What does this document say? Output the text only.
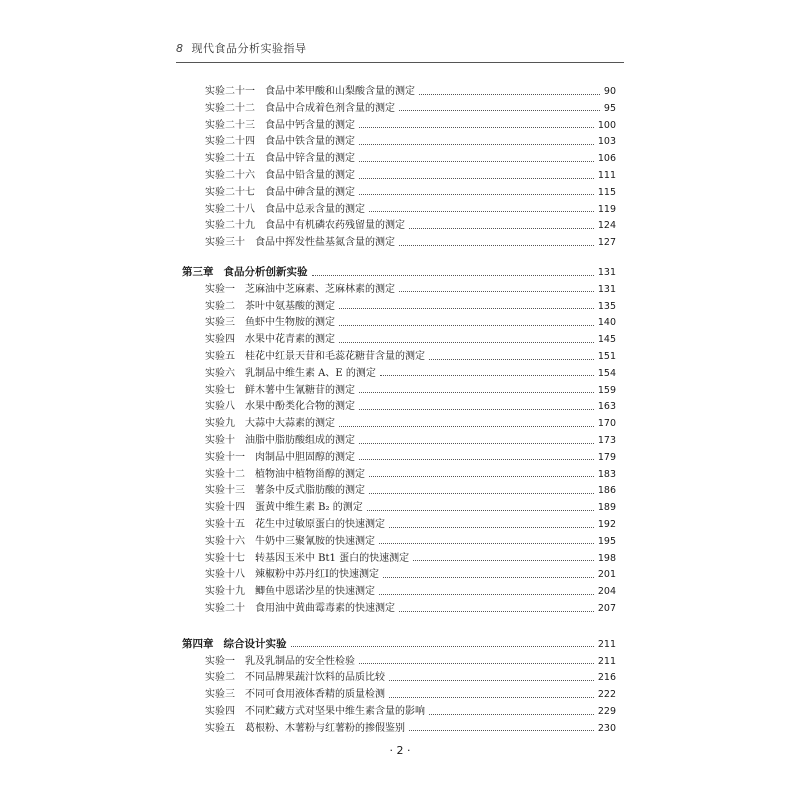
8 现代食品分析实验指导
实验二十一 食品中苯甲酸和山梨酸含量的测定	90
实验二十二 食品中合成着色剂含量的测定	95
实验二十三 食品中钙含量的测定	100
实验二十四 食品中铁含量的测定	103
实验二十五 食品中锌含量的测定	106
实验二十六 食品中铅含量的测定	111
实验二十七 食品中砷含量的测定	115
实验二十八 食品中总汞含量的测定	119
实验二十九 食品中有机磷农药残留量的测定	124
实验三十 食品中挥发性盐基氮含量的测定	127
第三章 食品分析创新实验	131
实验一 芝麻油中芝麻素、芝麻林素的测定	131
实验二 茶叶中氨基酸的测定	135
实验三 鱼虾中生物胺的测定	140
实验四 水果中花青素的测定	145
实验五 桂花中红景天苷和毛蕊花糖苷含量的测定	151
实验六 乳制品中维生素 A、E 的测定	154
实验七 鲜木薯中生氰糖苷的测定	159
实验八 水果中酚类化合物的测定	163
实验九 大蒜中大蒜素的测定	170
实验十 油脂中脂肪酸组成的测定	173
实验十一 肉制品中胆固醇的测定	179
实验十二 植物油中植物甾醇的测定	183
实验十三 薯条中反式脂肪酸的测定	186
实验十四 蛋黄中维生素 B₂ 的测定	189
实验十五 花生中过敏原蛋白的快速测定	192
实验十六 牛奶中三聚氰胺的快速测定	195
实验十七 转基因玉米中 Bt1 蛋白的快速测定	198
实验十八 辣椒粉中苏丹红Ⅰ的快速测定	201
实验十九 鲫鱼中恩诺沙星的快速测定	204
实验二十 食用油中黄曲霉毒素的快速测定	207
第四章 综合设计实验	211
实验一 乳及乳制品的安全性检验	211
实验二 不同品牌果蔬汁饮料的品质比较	216
实验三 不同可食用液体香精的质量检测	222
实验四 不同贮藏方式对坚果中维生素含量的影响	229
实验五 葛根粉、木薯粉与红薯粉的掺假鉴别	230
· 2 ·
